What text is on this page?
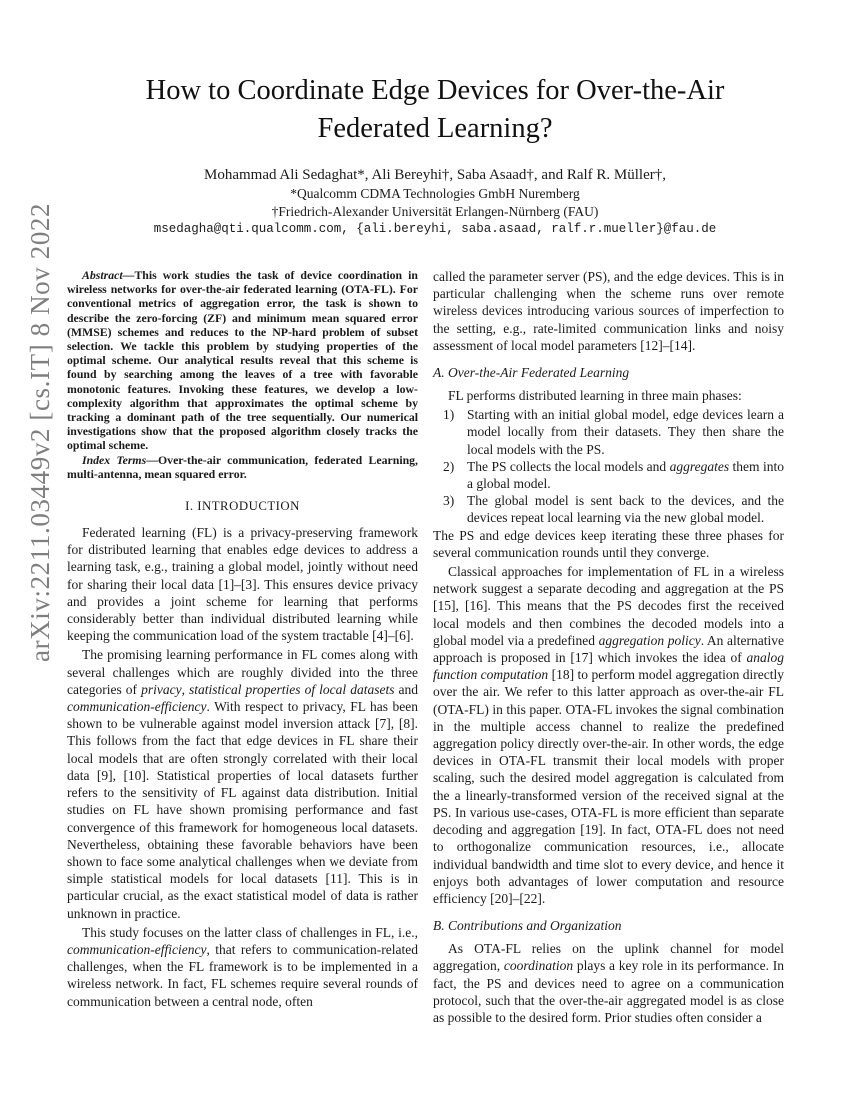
arXiv:2211.03449v2 [cs.IT] 8 Nov 2022
How to Coordinate Edge Devices for Over-the-Air
Federated Learning?
Mohammad Ali Sedaghat*, Ali Bereyhi†, Saba Asaad†, and Ralf R. Müller†,
*Qualcomm CDMA Technologies GmbH Nuremberg
†Friedrich-Alexander Universität Erlangen-Nürnberg (FAU)
msedagha@qti.qualcomm.com, {ali.bereyhi, saba.asaad, ralf.r.mueller}@fau.de

Abstract—This work studies the task of device coordination in wireless networks for over-the-air federated learning (OTA-FL). For conventional metrics of aggregation error, the task is shown to describe the zero-forcing (ZF) and minimum mean squared error (MMSE) schemes and reduces to the NP-hard problem of subset selection. We tackle this problem by studying properties of the optimal scheme. Our analytical results reveal that this scheme is found by searching among the leaves of a tree with favorable monotonic features. Invoking these features, we develop a low-complexity algorithm that approximates the optimal scheme by tracking a dominant path of the tree sequentially. Our numerical investigations show that the proposed algorithm closely tracks the optimal scheme.

Index Terms—Over-the-air communication, federated Learning, multi-antenna, mean squared error.

I. INTRODUCTION

Federated learning (FL) is a privacy-preserving framework for distributed learning that enables edge devices to address a learning task, e.g., training a global model, jointly without need for sharing their local data [1]–[3]. This ensures device privacy and provides a joint scheme for learning that performs considerably better than individual distributed learning while keeping the communication load of the system tractable [4]–[6].

The promising learning performance in FL comes along with several challenges which are roughly divided into the three categories of privacy, statistical properties of local datasets and communication-efficiency. With respect to privacy, FL has been shown to be vulnerable against model inversion attack [7], [8]. This follows from the fact that edge devices in FL share their local models that are often strongly correlated with their local data [9], [10]. Statistical properties of local datasets further refers to the sensitivity of FL against data distribution. Initial studies on FL have shown promising performance and fast convergence of this framework for homogeneous local datasets. Nevertheless, obtaining these favorable behaviors have been shown to face some analytical challenges when we deviate from simple statistical models for local datasets [11]. This is in particular crucial, as the exact statistical model of data is rather unknown in practice.

This study focuses on the latter class of challenges in FL, i.e., communication-efficiency, that refers to communication-related challenges, when the FL framework is to be implemented in a wireless network. In fact, FL schemes require several rounds of communication between a central node, often

called the parameter server (PS), and the edge devices. This is in particular challenging when the scheme runs over remote wireless devices introducing various sources of imperfection to the setting, e.g., rate-limited communication links and noisy assessment of local model parameters [12]–[14].

A. Over-the-Air Federated Learning

FL performs distributed learning in three main phases:

1) Starting with an initial global model, edge devices learn a model locally from their datasets. They then share the local models with the PS.
2) The PS collects the local models and aggregates them into a global model.
3) The global model is sent back to the devices, and the devices repeat local learning via the new global model.

The PS and edge devices keep iterating these three phases for several communication rounds until they converge.

Classical approaches for implementation of FL in a wireless network suggest a separate decoding and aggregation at the PS [15], [16]. This means that the PS decodes first the received local models and then combines the decoded models into a global model via a predefined aggregation policy. An alternative approach is proposed in [17] which invokes the idea of analog function computation [18] to perform model aggregation directly over the air. We refer to this latter approach as over-the-air FL (OTA-FL) in this paper. OTA-FL invokes the signal combination in the multiple access channel to realize the predefined aggregation policy directly over-the-air. In other words, the edge devices in OTA-FL transmit their local models with proper scaling, such the desired model aggregation is calculated from the a linearly-transformed version of the received signal at the PS. In various use-cases, OTA-FL is more efficient than separate decoding and aggregation [19]. In fact, OTA-FL does not need to orthogonalize communication resources, i.e., allocate individual bandwidth and time slot to every device, and hence it enjoys both advantages of lower computation and resource efficiency [20]–[22].

B. Contributions and Organization

As OTA-FL relies on the uplink channel for model aggregation, coordination plays a key role in its performance. In fact, the PS and devices need to agree on a communication protocol, such that the over-the-air aggregated model is as close as possible to the desired form. Prior studies often consider a
